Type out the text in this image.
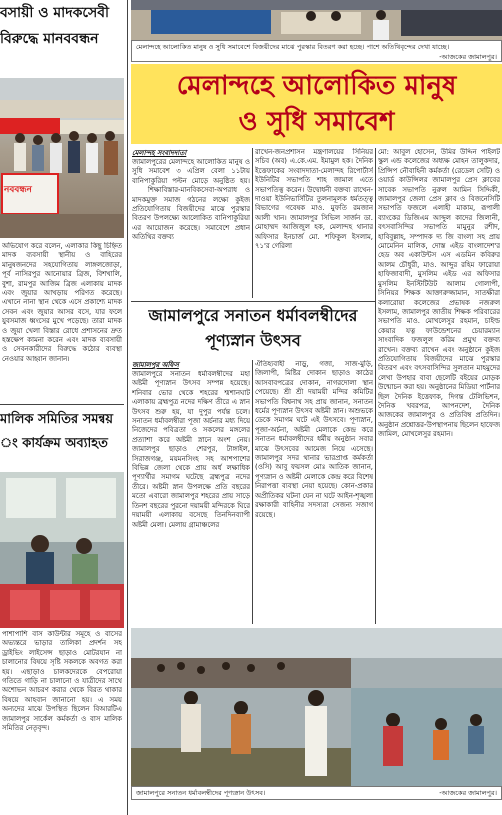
বসায়ী ও মাদকসেবী
বিরুদ্ধে মানববন্ধন
নববন্ধন
অভিযোগ করে বলেন, এলাকার কিছু চিহ্নিত মাদক ব্যবসায়ী স্থানীয় ও বাহিরের মানুষজনদের সহযোগিতায় লাঙ্গলজোড়া, পূর্ব নাসিরপুর আনোয়ার ব্রিজ, বিশখালি, বুশা, রামপুর আজিম ব্রিজ এলাকায় মাদক এবং জুয়ার আখড়ায় পরিণত করেছে। এখানে নানা স্থান থেকে এসে প্রকাশ্যে মাদক সেবন এবং জুয়ার আসর বসে, যার ফলে যুবসমাজ ধ্বংসের মুখে পড়েছে। তারা মাদক ও জুয়া খেলা বিস্তার রোধে প্রশাসনের দ্রুত হস্তক্ষেপ কামনা করেন এবং মাদক ব্যবসায়ী ও সেবনকারীদের বিরুদ্ধে কঠোর ব্যবস্থা নেওয়ার আহ্বান জানান।
মালিক সমিতির সমন্বয়
ং কার্যক্রম অব্যাহত
পাশাপাশি বাস কাউন্টার সমূহে ও বাসের অভ্যন্তরে ভাড়ার তালিকা প্রদর্শন সহ ড্রাইভিং লাইসেন্স ছাড়াও মোটরযান না চালানোর বিষয়ে সৃষ্টি সকলকে অবগত করা হয়। এছাড়াও চালকদেরকে বেপরোয়া গতিতে গাড়ি না চালানো ও যাত্রীদের সাথে অশোভন আচরণ করার থেকে বিরত থাকার বিষয়ে আহবান জানানো হয়। এ সময় অন্যদের মাঝে উপস্থিত ছিলেন বিআরটিএ জামালপুর সার্কেল কর্মকর্তা ও বাস মালিক সমিতির নেতৃবৃন্দ।
মেলান্দহে আলোকিত মানুষ ও সুধি সমাবেশে বিজয়ীদের মাঝে পুরস্কার বিতরণ করা হচ্ছে। পাশে অতিথিবৃন্দের দেখা যাচ্ছে।
-আজকের জামালপুর।
মেলান্দহে আলোকিত মানুষ
ও সুধি সমাবেশ
মেলান্দহ সংবাদদাতা
জামালপুরের মেলান্দহে আলোকিত মানুষ ও সুধি সমাবেশ ৩ এপ্রিল বেলা ১১টায় বানিপাকুরিয়া পল্টন মোড়ে অনুষ্ঠিত হয়।  শিক্ষাবিস্তার-মানবিকসেবা-অপরাধ ও মাদকমুক্ত সমাজ গঠনের লক্ষ্যে কুইজ প্রতিযোগিতায় বিজয়ীদের মাঝে পুরস্কার বিতরণ উপলক্ষ্যে আলোকিত বানিপাকুরিয়া এর আয়োজন করেছে। সমাবেশে প্রধান অতিথির বক্তব্য
রাখেন-জনপ্রশাসন মন্ত্রণালয়ের সিনিয়র সচিব (অব) এ.কে.এম. ইমামুল হক। দৈনিক ইত্তেফাকের সংবাদদাতা-মেলান্দহ রিপোর্টার্স ইউনিটির সভাপতি শাহ জামাল এতে সভাপতিত্ব করেন। উদ্বোধনী বক্তব্য রাখেন-দাওয়া ইউনিভার্সিটির তুলনামূলক ধর্মতত্ত্ব বিভাগের গবেষক মাও. মুফতি রমজান আলী খান। জামালপুর সিভিল সার্জন ডা. মোহাম্মদ আজিজুল হক, মেলান্দহ থানার অফিসার ইনচার্জ মো. শফিকুল ইসলাম, ৭১'র গেরিলা
মো: আবুল হোসেন, উমির উদ্দিন পাইলট স্কুল এন্ড কলেজের অধ্যক্ষ মোহন তালুকদার, প্রিন্সিপ নৌবাহিনী কর্মকর্তা (রেডেল সেটি) ও ওয়ার্ড কাউন্সিলর জামালপুর প্রেস ক্লাবের সাবেক সভাপতি নুরুল আমিন সিদ্দিকী, জামালপুর জেলা প্রেস ক্লাব ও বিজনেসিটি সভাপতি ফজলে এলাহী মাকাম, রূপালী ব্যাংকের ডিজিএম আব্দুল কাদের জিলানী, বৎসবাসিন্দির সভাপতি মামুনুর রশীদ, হাবিবুল্লাহ, সম্পাদক দ্য জি বাংলা সহ প্রায় মোমেনিন মালিক, দোস্ত এইড বাংলাদেশ'র হেড অব একাউন্টস এস এডমিন কবিরুর আলম চৌধুরী, মাও. আব্দুর রহিম ফারোয়া হাফিজাবাদী, মুসলিম এইড এর অফিসার মুসলিম ইনস্টিটিউট আলাম গোলাপী, সিনিয়র শিক্ষক আক্তারুজ্জামান, সাতক্ষীরা কলারোয়া কলেজের প্রভাষক নজরুল ইসলাম, জামালপুর জাতীয় শিক্ষক পরিবারের সভাপতি মাও. মোখলেসুর রহমান, চাইল্ড কেয়ার যত্ন ফাউন্ডেশনের চেয়ারম্যান সাংবাদিক ফজলুল করিম প্রমুখ বক্তব্য রাখেন। বক্তব্য রাখেন এবং অনুষ্ঠানে কুইজ প্রতিযোগিতায় বিজয়ীদের মাঝে পুরস্কার বিতরণ এবং বৎসবাসিন্দির সুলতান মাহমুদের লেখা উপহার বাবা ছেলেটি বইয়ের মোড়ক উন্মোচন করা হয়। অনুষ্ঠানের মিডিয়া পার্টনার ছিল দৈনিক ইত্তেফাক, দিগন্ত টেলিভিশন, দৈনিক খবরপত্র, আপনদেশ, দৈনিক আজকের জামালপুর ও প্রতিবিম্ব প্রতিদিন। অনুষ্ঠান প্রশ্নোত্তর-উপস্থাপনায় ছিলেন হাফেজ জামিল, মোখলেসুর রহমান।
জামালপুরে সনাতন ধর্মাবলম্বীদের
পূণ্যস্নান উৎসব
জামালপুর অফিস
জামালপুরে সনাতন ধর্মাবলম্বীদের মহা অষ্টমী পূণ্যস্নান উৎসব সম্পন্ন হয়েছে। শনিবার ভোর থেকে শহরের শ্মশানঘাট এলাকায় ব্রহ্মপুত্র নদের দক্ষিণ তীরে এ স্নান উৎসব শুরু হয়, যা দুপুর পর্যন্ত চলে। সনাতন ধর্মাবলম্বীরা পূজা অর্চনার মধ্য দিয়ে নিজেদের পবিত্রতা ও সকলের মঙ্গলের প্রত্যাশা করে অষ্টমী স্নানে অংশ নেয়। জামালপুর ছাড়াও শেরপুর, টাঙ্গাইল, সিরাজগঞ্জ, ময়মনসিংহ সহ আশপাশের বিভিন্ন জেলা থেকে প্রায় অর্ধ লক্ষাধিক পূণ্যার্থীর সমাগম ঘটেছে ব্রহ্মপুত্র নদের তীরে। অষ্টমী স্নান উপলক্ষে প্রতি বছরের মতো এবারো জামালপুর শহরের প্রায় সাড়ে তিনশ বছরের পুরনো দয়াময়ী মন্দিরকে ঘিরে দয়াময়ী এলাকায় বসেছে তিনদিনব্যাপী অষ্টমী মেলা। মেলায় গ্রামাঞ্চলের
ঐতিহ্যবাহী নাড়ু, গজা, সাজ-মুড়ি, জিলাপী, মিষ্টির দোকান ছাড়াও কাঠের আসবাবপত্রের দোকান, নাগরদোলা স্থান পেয়েছে। শ্রী শ্রী দয়াময়ী মন্দির কমিটির সভাপতি বিশ্বনাথ সহ প্রায় জানান, সনাতন ধর্মের পূণ্যস্নান উৎসব অষ্টমী স্নান। অশুভকে ডেকে সমাগম ঘটে এই উৎসবে। পূণ্যস্নান, পূজা-অর্চনা, অষ্টমী মেলাকে কেন্দ্র করে সনাতন ধর্মাবলম্বীদের ধর্মীয় অনুষ্ঠান সবার মাঝে উৎসবের আমেজ নিয়ে এসেছে। জামালপুর সদর থানার ভারপ্রাপ্ত কর্মকর্তা (ওসি) আবু ফয়সল মোঃ আতিক জানান, পূণ্যস্নান ও অষ্টমী মেলাকে কেন্দ্র করে বিশেষ নিরাপত্তা ব্যবস্থা নেয়া হয়েছে। কোন-প্রকার অপ্রীতিকর ঘটনা যেন না ঘটে আইন-শৃঙ্খলা রক্ষাকারী বাহিনীর সদস্যরা সেজন্য সজাগ রয়েছে।
জামালপুরে সনাতন ধর্মাবলম্বীদের পূণ্যস্নান উৎসব।	-আজকের জামালপুর।
